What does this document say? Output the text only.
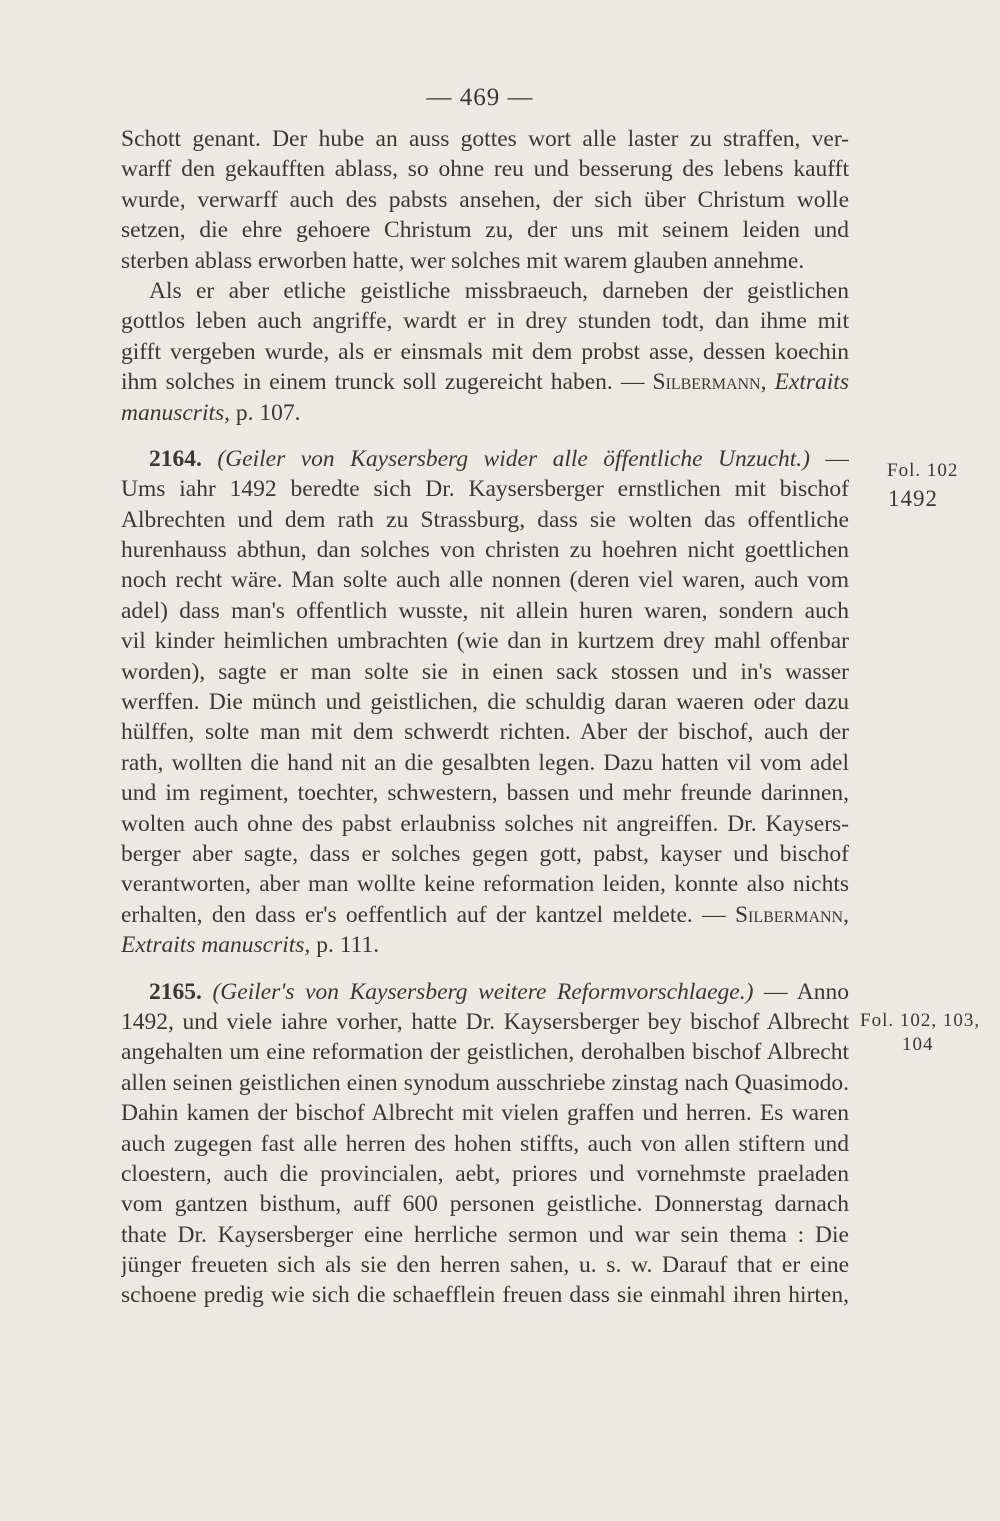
— 469 —
Schott genant. Der hube an auss gottes wort alle laster zu straffen, ver-
warff den gekaufften ablass, so ohne reu und besserung des lebens kaufft
wurde, verwarff auch des pabsts ansehen, der sich über Christum wolle
setzen, die ehre gehoere Christum zu, der uns mit seinem leiden und
sterben ablass erworben hatte, wer solches mit warem glauben annehme.
Als er aber etliche geistliche missbraeuch, darneben der geistlichen
gottlos leben auch angriffe, wardt er in drey stunden todt, dan ihme mit
gifft vergeben wurde, als er einsmals mit dem probst asse, dessen koechin
ihm solches in einem trunck soll zugereicht haben. — Silbermann, Extraits
manuscrits, p. 107.
2164. (Geiler von Kaysersberg wider alle öffentliche Unzucht.) —
Ums iahr 1492 beredte sich Dr. Kaysersberger ernstlichen mit bischof
Albrechten und dem rath zu Strassburg, dass sie wolten das offentliche
hurenhauss abthun, dan solches von christen zu hoehren nicht goettlichen
noch recht wäre. Man solte auch alle nonnen (deren viel waren, auch vom
adel) dass man's offentlich wusste, nit allein huren waren, sondern auch
vil kinder heimlichen umbrachten (wie dan in kurtzem drey mahl offenbar
worden), sagte er man solte sie in einen sack stossen und in's wasser
werffen. Die münch und geistlichen, die schuldig daran waeren oder dazu
hülffen, solte man mit dem schwerdt richten. Aber der bischof, auch der
rath, wollten die hand nit an die gesalbten legen. Dazu hatten vil vom adel
und im regiment, toechter, schwestern, bassen und mehr freunde darinnen,
wolten auch ohne des pabst erlaubniss solches nit angreiffen. Dr. Kaysers-
berger aber sagte, dass er solches gegen gott, pabst, kayser und bischof
verantworten, aber man wollte keine reformation leiden, konnte also nichts
erhalten, den dass er's oeffentlich auf der kantzel meldete. — Silbermann,
Extraits manuscrits, p. 111.
2165. (Geiler's von Kaysersberg weitere Reformvorschlaege.) — Anno
1492, und viele iahre vorher, hatte Dr. Kaysersberger bey bischof Albrecht
angehalten um eine reformation der geistlichen, derohalben bischof Albrecht
allen seinen geistlichen einen synodum ausschriebe zinstag nach Quasimodo.
Dahin kamen der bischof Albrecht mit vielen graffen und herren. Es waren
auch zugegen fast alle herren des hohen stiffts, auch von allen stiftern und
cloestern, auch die provincialen, aebt, priores und vornehmste praeladen
vom gantzen bisthum, auff 600 personen geistliche. Donnerstag darnach
thate Dr. Kaysersberger eine herrliche sermon und war sein thema : Die
jünger freueten sich als sie den herren sahen, u. s. w. Darauf that er eine
schoene predig wie sich die schaefflein freuen dass sie einmahl ihren hirten,
Fol. 102
1492
Fol. 102, 103,
104
